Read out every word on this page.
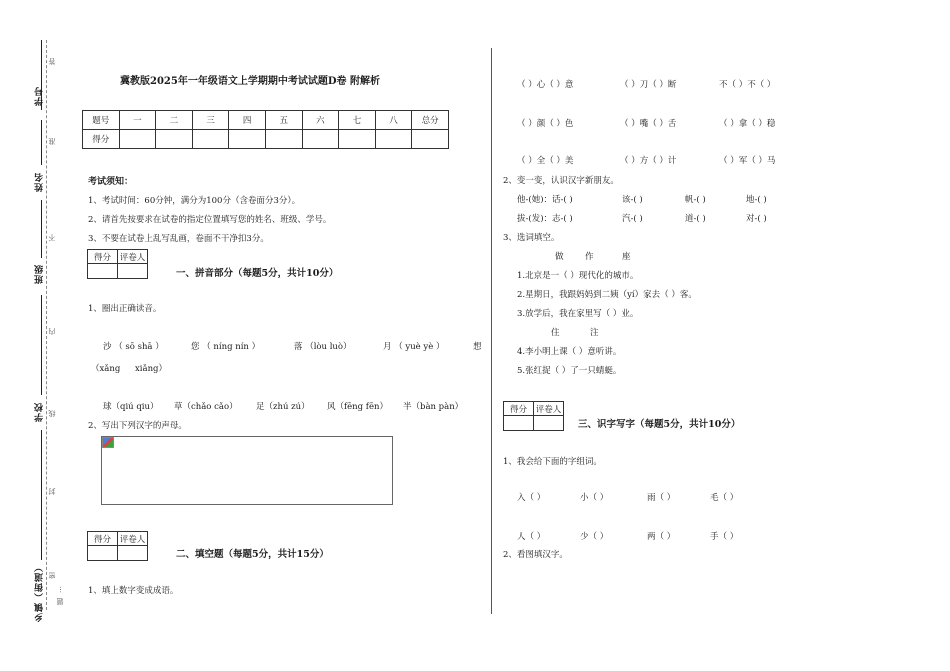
学号
姓名
班级
学校
乡镇（街道）
答
准
不
内
线
封
密
题
…
冀教版2025年一年级语文上学期期中考试试题D卷 附解析
题号	一	二	三	四	五	六	七	八	总分
得分									
考试须知：
1、考试时间：60分钟，满分为100分（含卷面分3分）。
2、请首先按要求在试卷的指定位置填写您的姓名、班级、学号。
3、不要在试卷上乱写乱画，卷面不干净扣3分。
得分	评卷人

一、拼音部分（每题5分，共计10分）
1、圈出正确读音。
沙 （ sō shā ）	您 （ níng nín ）	落 （lòu luò）	月 （ yuè yè ）	想
（xǎng xiǎng）
球（qiú qiu） 草（chǎo cǎo） 足（zhú zú） 风（fēng fēn） 半（bàn pàn）
2、写出下列汉字的声母。
得分	评卷人

二、填空题（每题5分，共计15分）
1、填上数字变成成语。
（ ）心（ ）意	（ ）刀（ ）断	不（ ）不（ ）
（ ）颜（ ）色	（ ）嘴（ ）舌	（ ）拿（ ）稳
（ ）全（ ）美	（ ）方（ ）计	（ ）军（ ）马
2、变一变，认识汉字新朋友。
他-(她)：话-( )	该-( )	帆-( )	地-( )
拔-(发)：志-( )	汽-( )	道-( )	对-( )
3、选词填空。
做	作	座
1.北京是一（ ）现代化的城市。
2.星期日，我跟妈妈到二姨（yí）家去（ ）客。
3.放学后，我在家里写（ ）业。
住	注
4.李小明上课（ ）意听讲。
5.张红捉（ ）了一只蜻蜓。
得分	评卷人

三、识字写字（每题5分，共计10分）
1、我会给下面的字组词。
入（ ）	小（ ）	雨（ ）	毛（ ）
人（ ）	少（ ）	两（ ）	手（ ）
2、看图填汉字。
